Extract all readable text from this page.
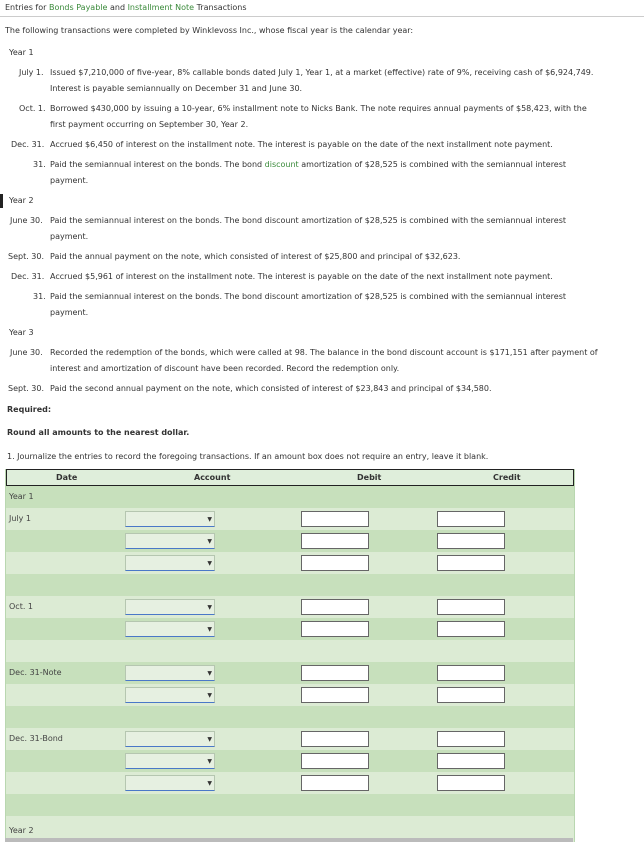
Entries for Bonds Payable and Installment Note Transactions
The following transactions were completed by Winklevoss Inc., whose fiscal year is the calendar year:
Year 1
July 1. Issued $7,210,000 of five-year, 8% callable bonds dated July 1, Year 1, at a market (effective) rate of 9%, receiving cash of $6,924,749.
Interest is payable semiannually on December 31 and June 30.
Oct. 1. Borrowed $430,000 by issuing a 10-year, 6% installment note to Nicks Bank. The note requires annual payments of $58,423, with the
first payment occurring on September 30, Year 2.
Dec. 31. Accrued $6,450 of interest on the installment note. The interest is payable on the date of the next installment note payment.
31. Paid the semiannual interest on the bonds. The bond discount amortization of $28,525 is combined with the semiannual interest
payment.
Year 2
June 30. Paid the semiannual interest on the bonds. The bond discount amortization of $28,525 is combined with the semiannual interest
payment.
Sept. 30. Paid the annual payment on the note, which consisted of interest of $25,800 and principal of $32,623.
Dec. 31. Accrued $5,961 of interest on the installment note. The interest is payable on the date of the next installment note payment.
31. Paid the semiannual interest on the bonds. The bond discount amortization of $28,525 is combined with the semiannual interest
payment.
Year 3
June 30. Recorded the redemption of the bonds, which were called at 98. The balance in the bond discount account is $171,151 after payment of
interest and amortization of discount have been recorded. Record the redemption only.
Sept. 30. Paid the second annual payment on the note, which consisted of interest of $23,843 and principal of $34,580.
Required:
Round all amounts to the nearest dollar.
1. Journalize the entries to record the foregoing transactions. If an amount box does not require an entry, leave it blank.
Date	Account	Debit	Credit
Year 1
July 1	▼
▼
▼
Oct. 1	▼
▼
Dec. 31-Note	▼
▼
Dec. 31-Bond	▼
▼
▼
Year 2
